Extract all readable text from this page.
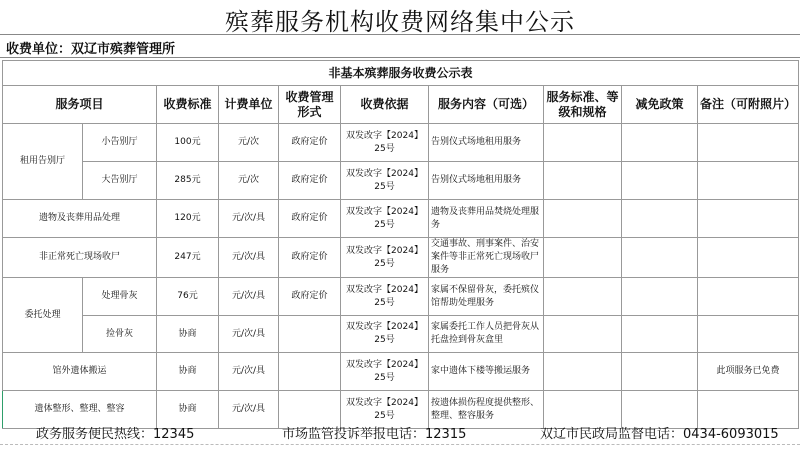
殡葬服务机构收费网络集中公示
收费单位：双辽市殡葬管理所
非基本殡葬服务收费公示表									
服务项目		收费标准	计费单位	收费管理形式	收费依据	服务内容（可选）	服务标准、等级和规格	减免政策	备注（可附照片）
租用告别厅	小告别厅	100元	元/次	政府定价	双发改字【2024】25号	告别仪式场地租用服务			
	大告别厅	285元	元/次	政府定价	双发改字【2024】25号	告别仪式场地租用服务			
遗物及丧葬用品处理		120元	元/次/具	政府定价	双发改字【2024】25号	遗物及丧葬用品焚烧处理服务			
非正常死亡现场收尸		247元	元/次/具	政府定价	双发改字【2024】25号	交通事故、刑事案件、治安案件等非正常死亡现场收尸服务			
委托处理	处理骨灰	76元	元/次/具	政府定价	双发改字【2024】25号	家属不保留骨灰，委托殡仪馆帮助处理服务			
	捡骨灰	协商	元/次/具		双发改字【2024】25号	家属委托工作人员把骨灰从托盘捡到骨灰盒里			
馆外遗体搬运		协商	元/次/具		双发改字【2024】25号	家中遗体下楼等搬运服务			此项服务已免费
遗体整形、整理、整容		协商	元/次/具		双发改字【2024】25号	按遗体损伤程度提供整形、整理、整容服务			
政务服务便民热线：12345	市场监管投诉举报电话：12315	双辽市民政局监督电话：0434-6093015
